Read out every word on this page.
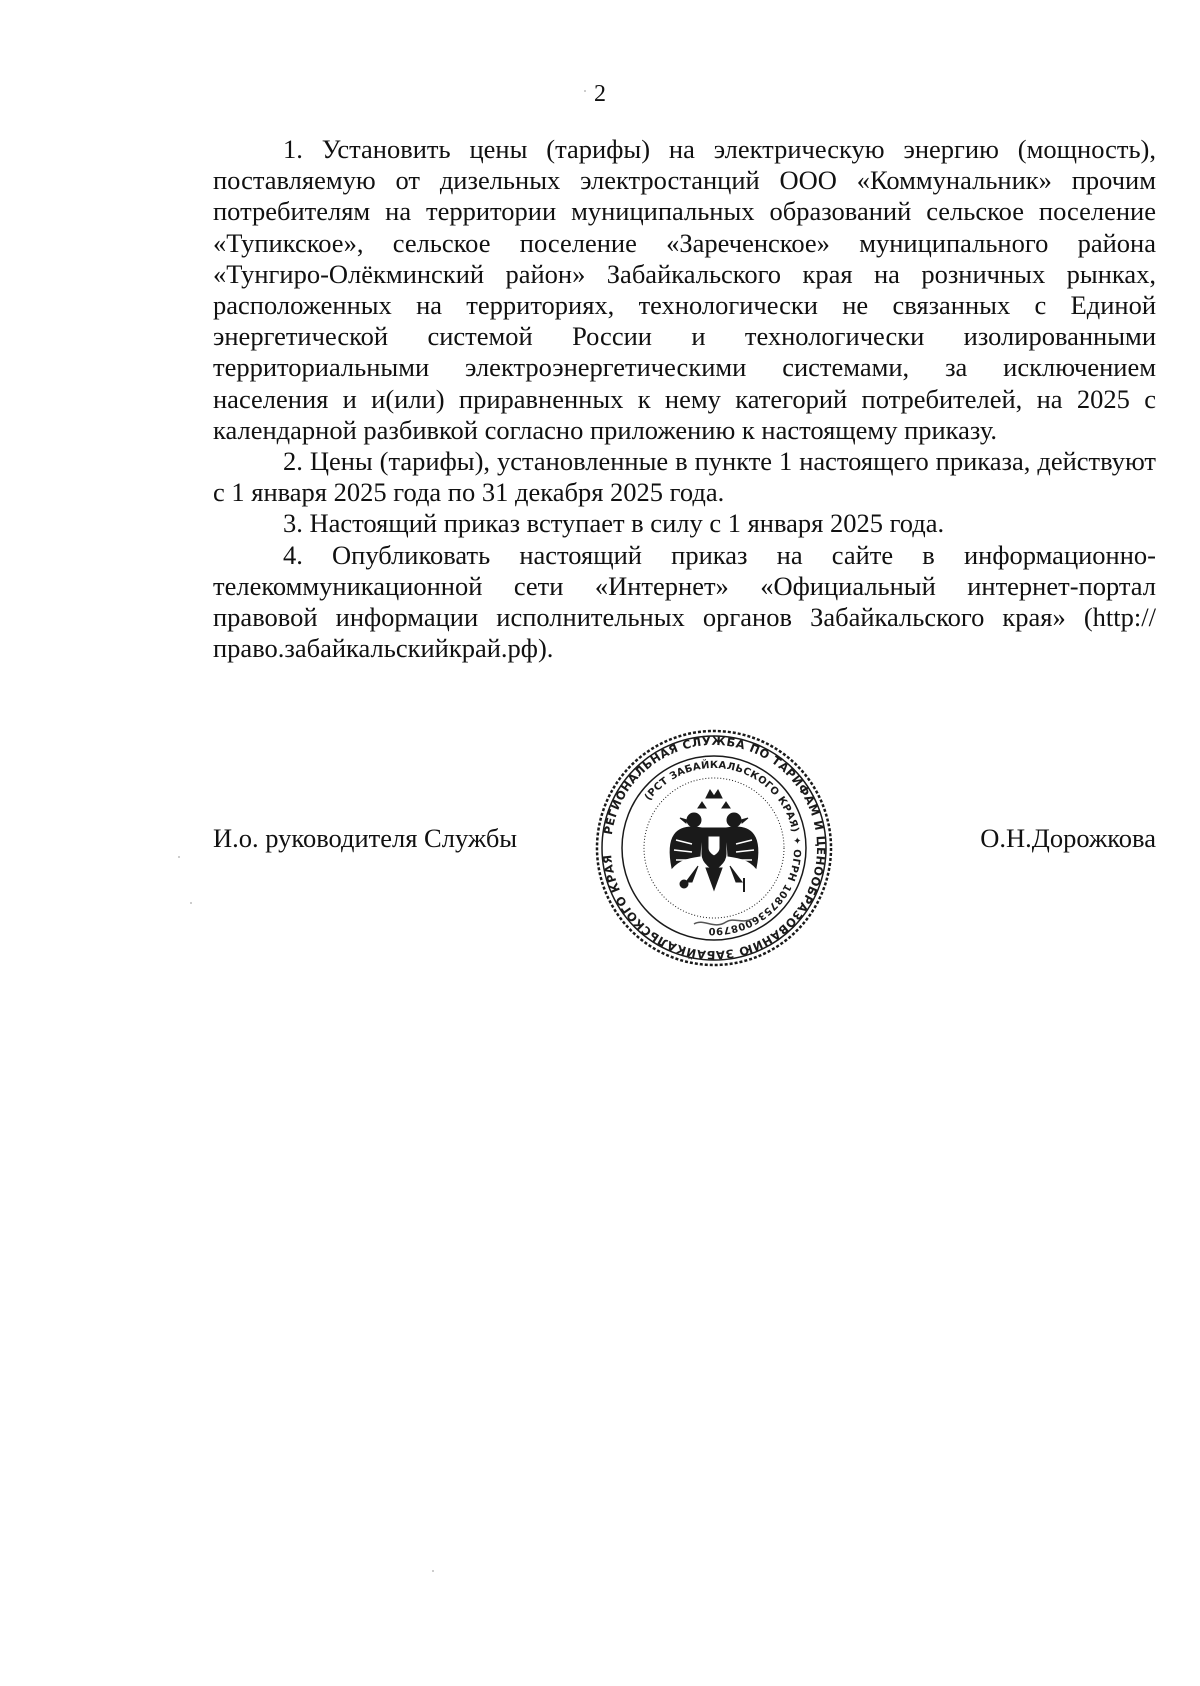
2

1. Установить цены (тарифы) на электрическую энергию (мощность), поставляемую от дизельных электростанций ООО «Коммунальник» прочим потребителям на территории муниципальных образований сельское поселение «Тупикское», сельское поселение «Зареченское» муниципального района «Тунгиро-Олёкминский район» Забайкальского края на розничных рынках, расположенных на территориях, технологически не связанных с Единой энергетической системой России и технологически изолированными территориальными электроэнергетическими системами, за исключением населения и и(или) приравненных к нему категорий потребителей, на 2025 с календарной разбивкой согласно приложению к настоящему приказу.

2. Цены (тарифы), установленные в пункте 1 настоящего приказа, действуют с 1 января 2025 года по 31 декабря 2025 года.

3. Настоящий приказ вступает в силу с 1 января 2025 года.

4. Опубликовать настоящий приказ на сайте в информационно-телекоммуникационной сети «Интернет» «Официальный интернет-портал правовой информации исполнительных органов Забайкальского края» (http://право.забайкальскийкрай.рф).

И.о. руководителя Службы	О.Н.Дорожкова
РЕГИОНАЛЬНАЯ СЛУЖБА ПО ТАРИФАМ И ЦЕНООБРАЗОВАНИЮ ЗАБАЙКАЛЬСКОГО КРАЯ
(РСТ ЗАБАЙКАЛЬСКОГО КРАЯ) ✦ ОГРН 1087536008790
